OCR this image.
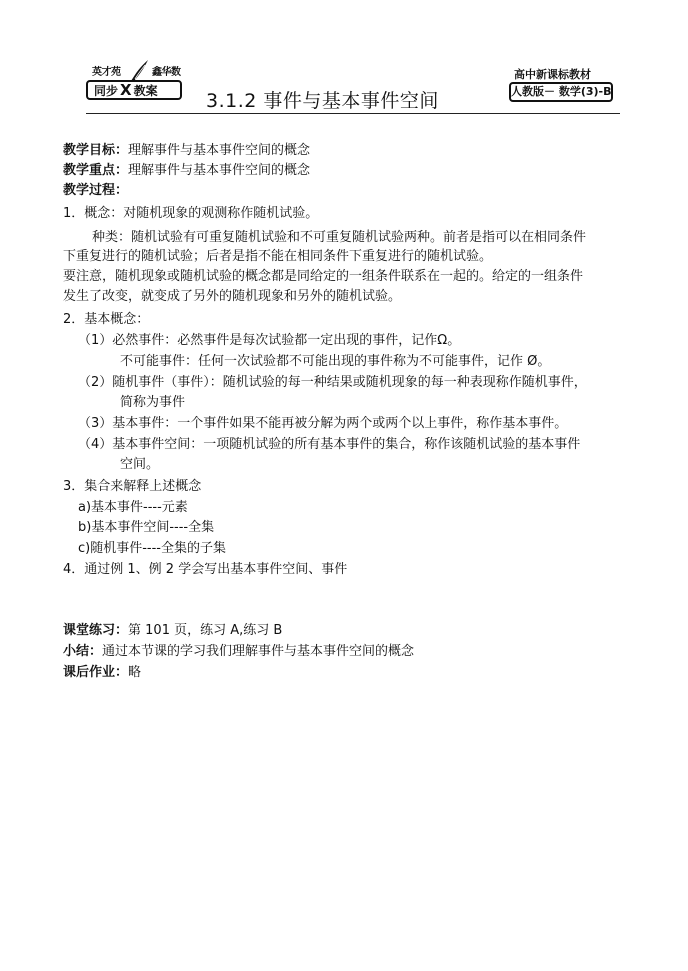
英才苑	鑫华数
同步 X 教案	3.1.2 事件与基本事件空间
高中新课标教材
人教版－ 数学(3)-B
教学目标：理解事件与基本事件空间的概念
教学重点：理解事件与基本事件空间的概念
教学过程：
1．概念：对随机现象的观测称作随机试验。
种类：随机试验有可重复随机试验和不可重复随机试验两种。前者是指可以在相同条件
下重复进行的随机试验；后者是指不能在相同条件下重复进行的随机试验。
要注意，随机现象或随机试验的概念都是同给定的一组条件联系在一起的。给定的一组条件
发生了改变，就变成了另外的随机现象和另外的随机试验。
2．基本概念：
（1）必然事件：必然事件是每次试验都一定出现的事件，记作Ω。
不可能事件：任何一次试验都不可能出现的事件称为不可能事件，记作 Ø。
（2）随机事件（事件）：随机试验的每一种结果或随机现象的每一种表现称作随机事件，
简称为事件
（3）基本事件：一个事件如果不能再被分解为两个或两个以上事件，称作基本事件。
（4）基本事件空间：一项随机试验的所有基本事件的集合，称作该随机试验的基本事件
空间。
3．集合来解释上述概念
a)基本事件----元素
b)基本事件空间----全集
c)随机事件----全集的子集
4．通过例 1、例 2 学会写出基本事件空间、事件
课堂练习：第 101 页，练习 A,练习 B
小结：通过本节课的学习我们理解事件与基本事件空间的概念
课后作业：略
